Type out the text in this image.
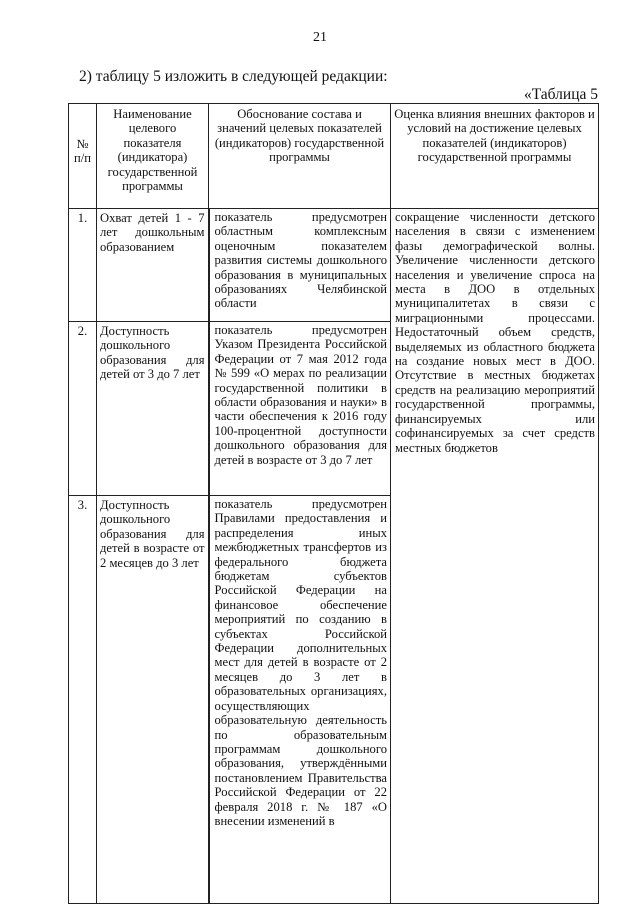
21
2) таблицу 5 изложить в следующей редакции:
«Таблица 5
№ п/п	Наименование целевого показателя (индикатора) государственной программы	Обоснование состава и значений целевых показателей (индикаторов) государственной программы	Оценка влияния внешних факторов и условий на достижение целевых показателей (индикаторов) государственной программы
1.	Охват детей 1 - 7 лет дошкольным образованием	показатель предусмотрен областным комплексным оценочным показателем развития системы дошкольного образования в муниципальных образованиях Челябинской области	сокращение численности детского населения в связи с изменением фазы демографической волны. Увеличение численности детского населения и увеличение спроса на места в ДОО в отдельных муниципалитетах в связи с миграционными процессами. Недостаточный объем средств, выделяемых из областного бюджета на создание новых мест в ДОО. Отсутствие в местных бюджетах средств на реализацию мероприятий государственной программы, финансируемых или софинансируемых за счет средств местных бюджетов
2.	Доступность дошкольного образования для детей от 3 до 7 лет	показатель предусмотрен Указом Президента Российской Федерации от 7 мая 2012 года № 599 «О мерах по реализации государственной политики в области образования и науки» в части обеспечения к 2016 году 100-процентной доступности дошкольного образования для детей в возрасте от 3 до 7 лет	
3.	Доступность дошкольного образования для детей в возрасте от 2 месяцев до 3 лет	показатель предусмотрен Правилами предоставления и распределения иных межбюджетных трансфертов из федерального бюджета бюджетам субъектов Российской Федерации на финансовое обеспечение мероприятий по созданию в субъектах Российской Федерации дополнительных мест для детей в возрасте от 2 месяцев до 3 лет в образовательных организациях, осуществляющих образовательную деятельность по образовательным программам дошкольного образования, утверждёнными постановлением Правительства Российской Федерации от 22 февраля 2018 г. № 187 «О внесении изменений в	
